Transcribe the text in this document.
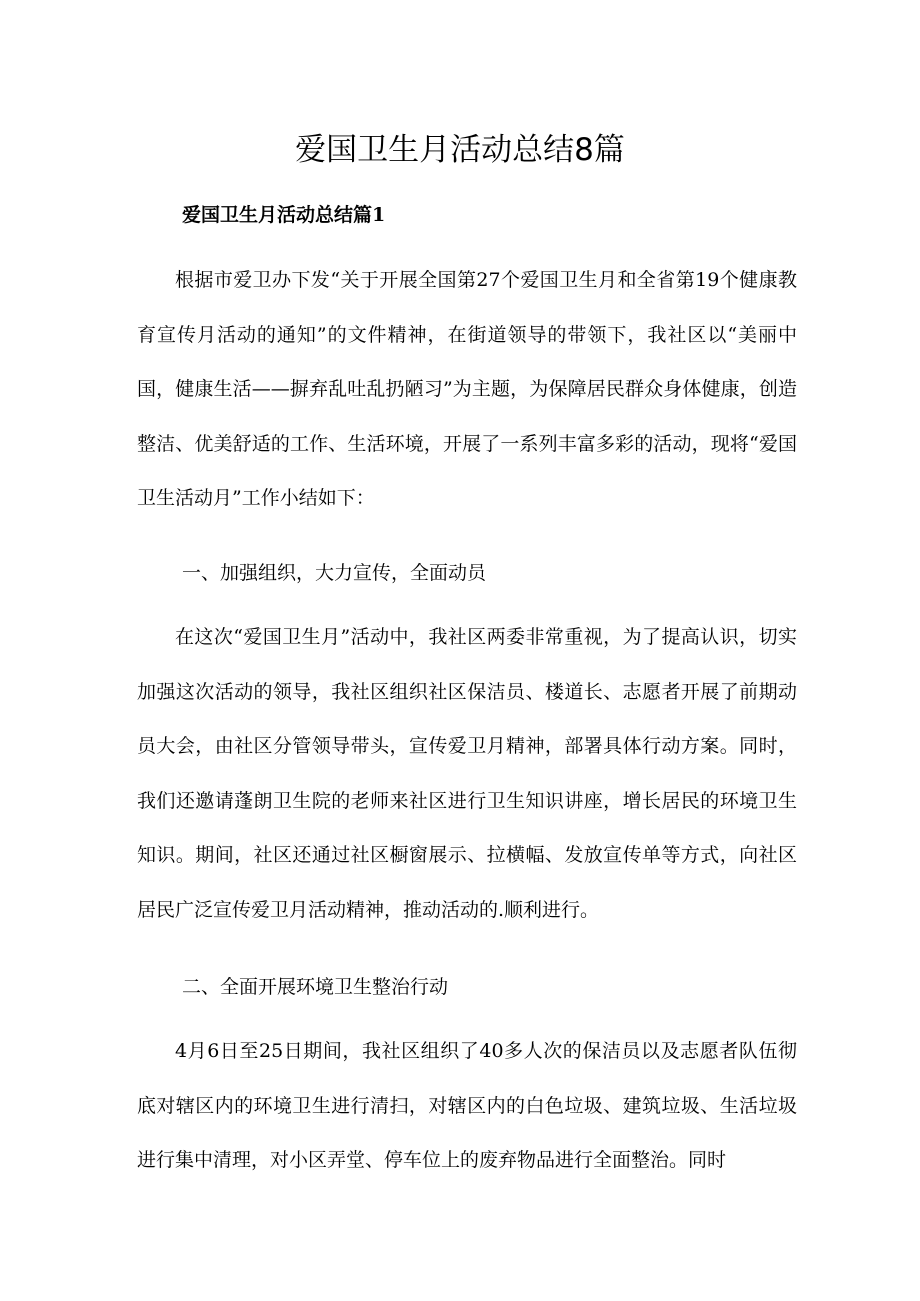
爱国卫生月活动总结8篇
爱国卫生月活动总结篇1

根据市爱卫办下发“关于开展全国第27个爱国卫生月和全省第19个健康教育宣传月活动的通知”的文件精神，在街道领导的带领下，我社区以“美丽中国，健康生活——摒弃乱吐乱扔陋习”为主题，为保障居民群众身体健康，创造整洁、优美舒适的工作、生活环境，开展了一系列丰富多彩的活动，现将“爱国卫生活动月”工作小结如下：

一、加强组织，大力宣传，全面动员

在这次“爱国卫生月”活动中，我社区两委非常重视，为了提高认识，切实加强这次活动的领导，我社区组织社区保洁员、楼道长、志愿者开展了前期动员大会，由社区分管领导带头，宣传爱卫月精神，部署具体行动方案。同时，我们还邀请蓬朗卫生院的老师来社区进行卫生知识讲座，增长居民的环境卫生知识。期间，社区还通过社区橱窗展示、拉横幅、发放宣传单等方式，向社区居民广泛宣传爱卫月活动精神，推动活动的.顺利进行。

二、全面开展环境卫生整治行动

4月6日至25日期间，我社区组织了40多人次的保洁员以及志愿者队伍彻底对辖区内的环境卫生进行清扫，对辖区内的白色垃圾、建筑垃圾、生活垃圾进行集中清理，对小区弄堂、停车位上的废弃物品进行全面整治。同时
